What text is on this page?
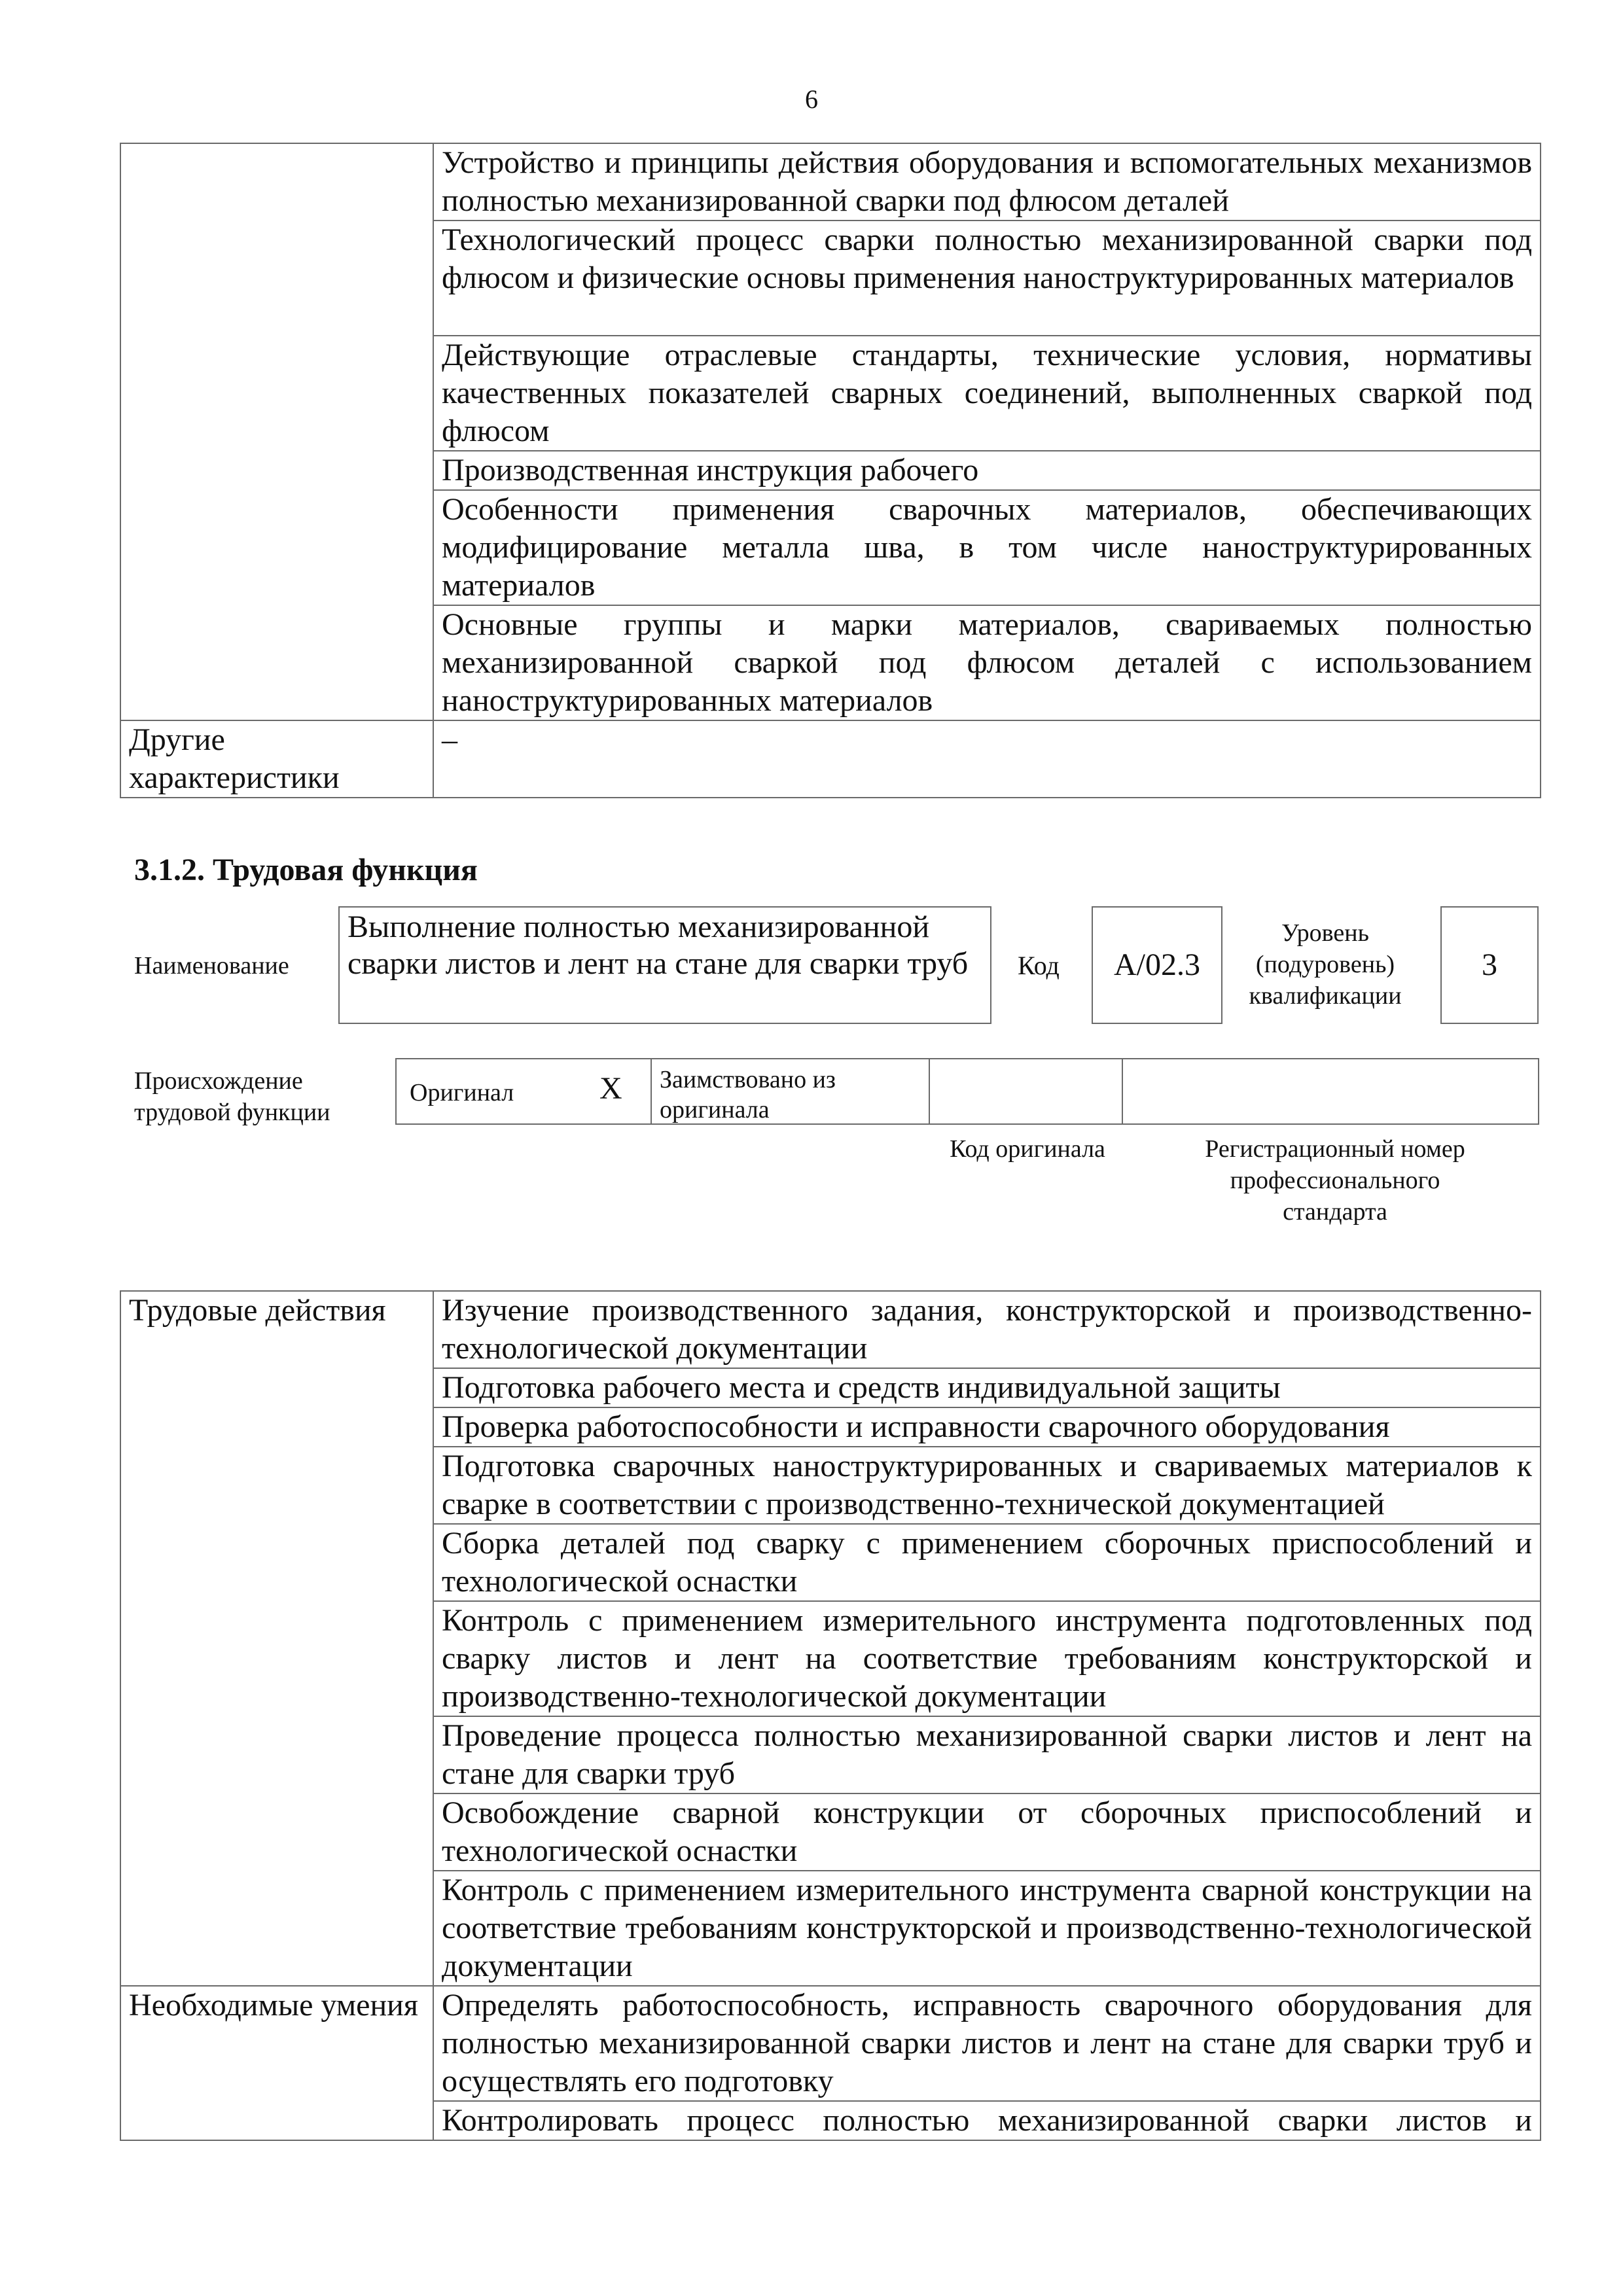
6
	Устройство и принципы действия оборудования и вспомогательных механизмов полностью механизированной сварки под флюсом деталей
	Технологический процесс сварки полностью механизированной сварки под флюсом и физические основы применения наноструктурированных материалов
	Действующие отраслевые стандарты, технические условия, нормативы качественных показателей сварных соединений, выполненных сваркой под флюсом
	Производственная инструкция рабочего
	Особенности применения сварочных материалов, обеспечивающих модифицирование металла шва, в том числе наноструктурированных материалов
	Основные группы и марки материалов, свариваемых полностью механизированной сваркой под флюсом деталей с использованием наноструктурированных материалов
Другие характеристики	–
3.1.2. Трудовая функция
Наименование
Выполнение полностью механизированной сварки листов и лент на стане для сварки труб	Код	A/02.3
Уровень (подуровень) квалификации
3
Происхождение трудовой функции
Оригинал	X	Заимствовано из оригинала
Код оригинала	Регистрационный номер профессионального стандарта
Трудовые действия	Изучение производственного задания, конструкторской и производственно-технологической документации
	Подготовка рабочего места и средств индивидуальной защиты
	Проверка работоспособности и исправности сварочного оборудования
	Подготовка сварочных наноструктурированных и свариваемых материалов к сварке в соответствии с производственно-технической документацией
	Сборка деталей под сварку с применением сборочных приспособлений и технологической оснастки
	Контроль с применением измерительного инструмента подготовленных под сварку листов и лент на соответствие требованиям конструкторской и производственно-технологической документации
	Проведение процесса полностью механизированной сварки листов и лент на стане для сварки труб
	Освобождение сварной конструкции от сборочных приспособлений и технологической оснастки
	Контроль с применением измерительного инструмента сварной конструкции на соответствие требованиям конструкторской и производственно-технологической документации
Необходимые умения	Определять работоспособность, исправность сварочного оборудования для полностью механизированной сварки листов и лент на стане для сварки труб и осуществлять его подготовку
	Контролировать процесс полностью механизированной сварки листов и
